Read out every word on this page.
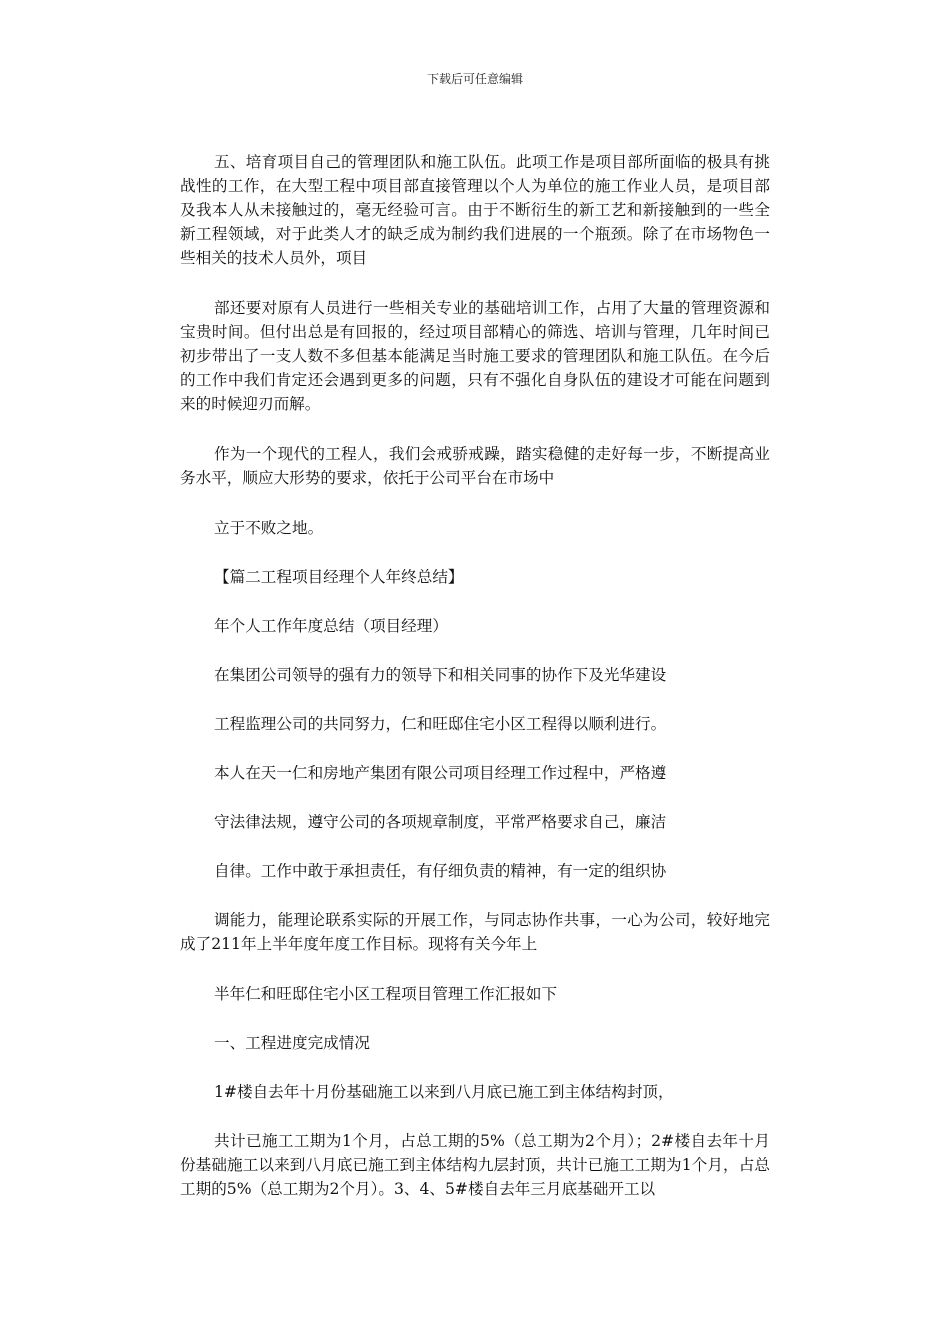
下载后可任意编辑

五、培育项目自己的管理团队和施工队伍。此项工作是项目部所面临的极具有挑战性的工作，在大型工程中项目部直接管理以个人为单位的施工作业人员，是项目部及我本人从未接触过的，毫无经验可言。由于不断衍生的新工艺和新接触到的一些全新工程领域，对于此类人才的缺乏成为制约我们进展的一个瓶颈。除了在市场物色一些相关的技术人员外，项目

部还要对原有人员进行一些相关专业的基础培训工作，占用了大量的管理资源和宝贵时间。但付出总是有回报的，经过项目部精心的筛选、培训与管理，几年时间已初步带出了一支人数不多但基本能满足当时施工要求的管理团队和施工队伍。在今后的工作中我们肯定还会遇到更多的问题，只有不强化自身队伍的建设才可能在问题到来的时候迎刃而解。

作为一个现代的工程人，我们会戒骄戒躁，踏实稳健的走好每一步，不断提高业务水平，顺应大形势的要求，依托于公司平台在市场中

立于不败之地。

【篇二工程项目经理个人年终总结】

年个人工作年度总结（项目经理）

在集团公司领导的强有力的领导下和相关同事的协作下及光华建设

工程监理公司的共同努力，仁和旺邸住宅小区工程得以顺利进行。

本人在天一仁和房地产集团有限公司项目经理工作过程中，严格遵

守法律法规，遵守公司的各项规章制度，平常严格要求自己，廉洁

自律。工作中敢于承担责任，有仔细负责的精神，有一定的组织协

调能力，能理论联系实际的开展工作，与同志协作共事，一心为公司，较好地完成了211年上半年度年度工作目标。现将有关今年上

半年仁和旺邸住宅小区工程项目管理工作汇报如下

一、工程进度完成情况

1#楼自去年十月份基础施工以来到八月底已施工到主体结构封顶，

共计已施工工期为1个月，占总工期的5%（总工期为2个月）；2#楼自去年十月份基础施工以来到八月底已施工到主体结构九层封顶，共计已施工工期为1个月，占总工期的5%（总工期为2个月）。3、4、5#楼自去年三月底基础开工以
